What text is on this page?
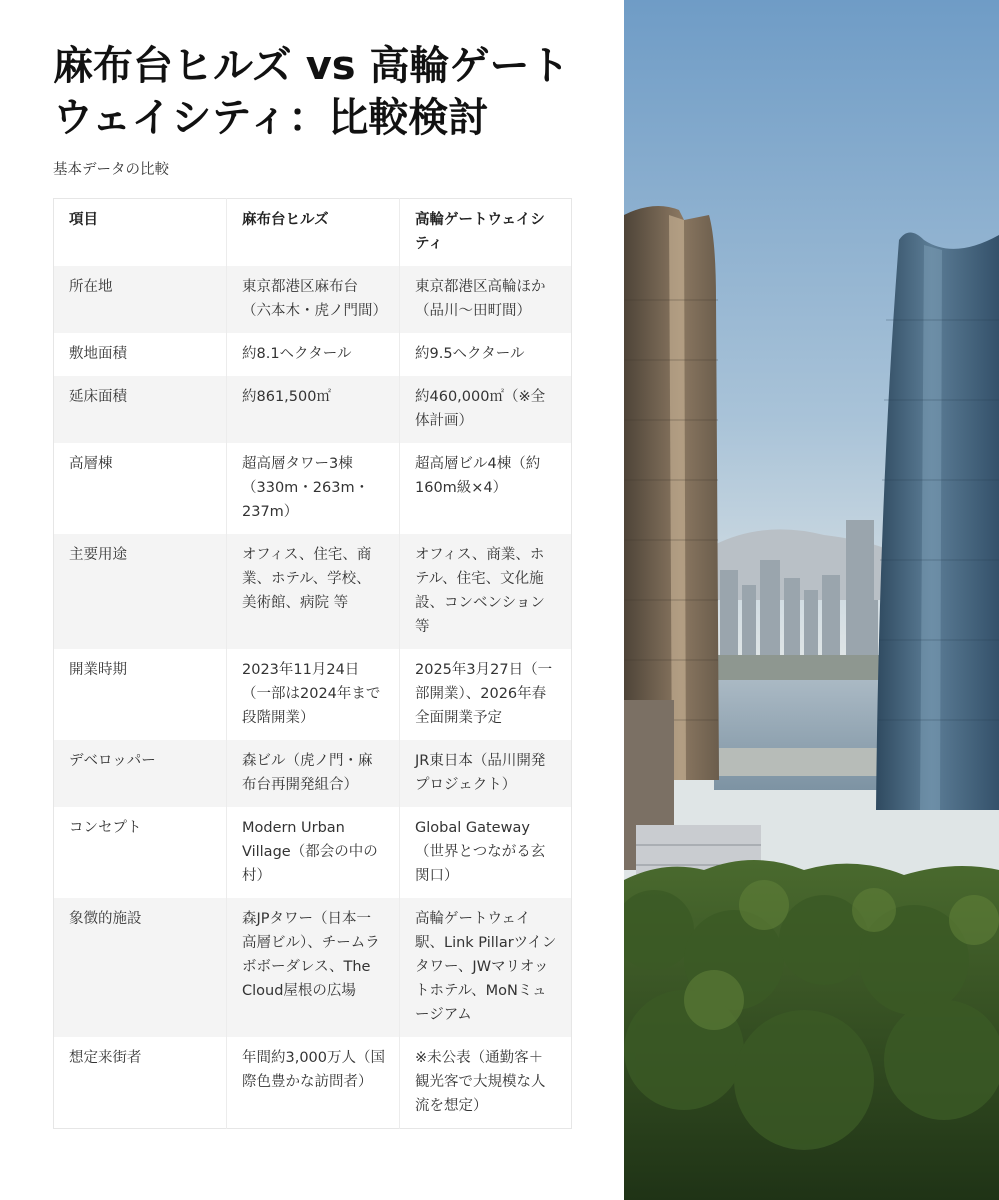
麻布台ヒルズ vs 高輪ゲートウェイシティ：比較検討
基本データの比較
項目	麻布台ヒルズ	高輪ゲートウェイシティ
所在地	東京都港区麻布台（六本木・虎ノ門間）	東京都港区高輪ほか（品川〜田町間）
敷地面積	約8.1ヘクタール	約9.5ヘクタール
延床面積	約861,500㎡	約460,000㎡（※全体計画）
高層棟	超高層タワー3棟（330m・263m・237m）	超高層ビル4棟（約160m級×4）
主要用途	オフィス、住宅、商業、ホテル、学校、美術館、病院 等	オフィス、商業、ホテル、住宅、文化施設、コンベンション等
開業時期	2023年11月24日（一部は2024年まで段階開業）	2025年3月27日（一部開業）、2026年春全面開業予定
デベロッパー	森ビル（虎ノ門・麻布台再開発組合）	JR東日本（品川開発プロジェクト）
コンセプト	Modern Urban Village（都会の中の村）	Global Gateway（世界とつながる玄関口）
象徴的施設	森JPタワー（日本一高層ビル）、チームラボボーダレス、The Cloud屋根の広場	高輪ゲートウェイ駅、Link Pillarツインタワー、JWマリオットホテル、MoNミュージアム
想定来街者	年間約3,000万人（国際色豊かな訪問者）	※未公表（通勤客＋観光客で大規模な人流を想定）
